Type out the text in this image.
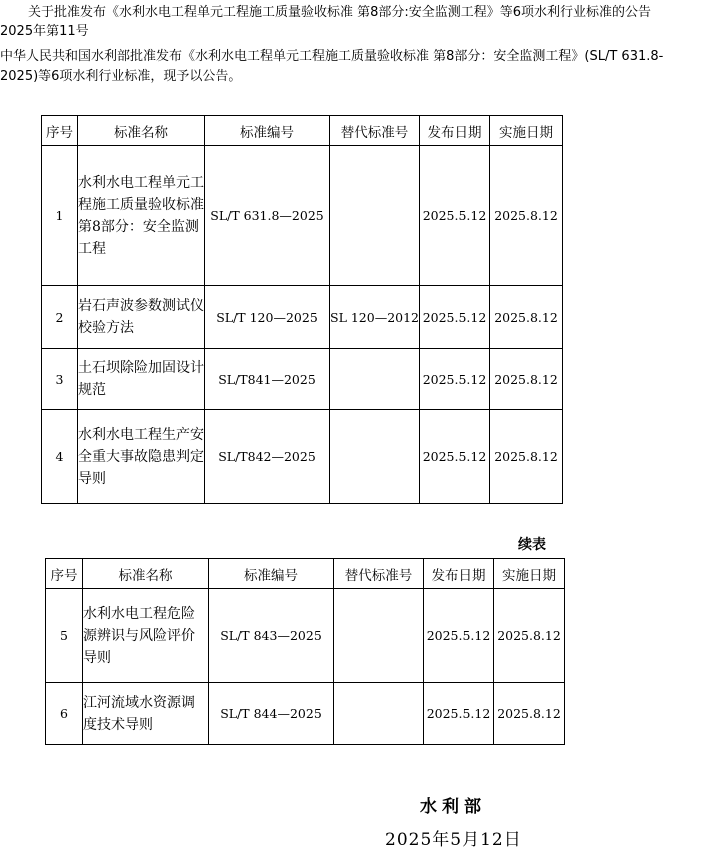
关于批准发布《水利水电工程单元工程施工质量验收标准 第8部分:安全监测工程》等6项水利行业标准的公告
2025年第11号
中华人民共和国水利部批准发布《水利水电工程单元工程施工质量验收标准 第8部分：安全监测工程》(SL/T 631.8-
2025)等6项水利行业标准，现予以公告。
序号	标准名称	标准编号	替代标准号	发布日期	实施日期
1	水利水电工程单元工程施工质量验收标准第8部分：安全监测工程	SL/T 631.8—2025		2025.5.12	2025.8.12
2	岩石声波参数测试仪校验方法	SL/T 120—2025	SL 120—2012	2025.5.12	2025.8.12
3	土石坝除险加固设计规范	SL/T841—2025		2025.5.12	2025.8.12
4	水利水电工程生产安全重大事故隐患判定导则	SL/T842—2025		2025.5.12	2025.8.12
续表
序号	标准名称	标准编号	替代标准号	发布日期	实施日期
5	水利水电工程危险源辨识与风险评价导则	SL/T 843—2025		2025.5.12	2025.8.12
6	江河流域水资源调度技术导则	SL/T 844—2025		2025.5.12	2025.8.12
水利部
2025年5月12日
